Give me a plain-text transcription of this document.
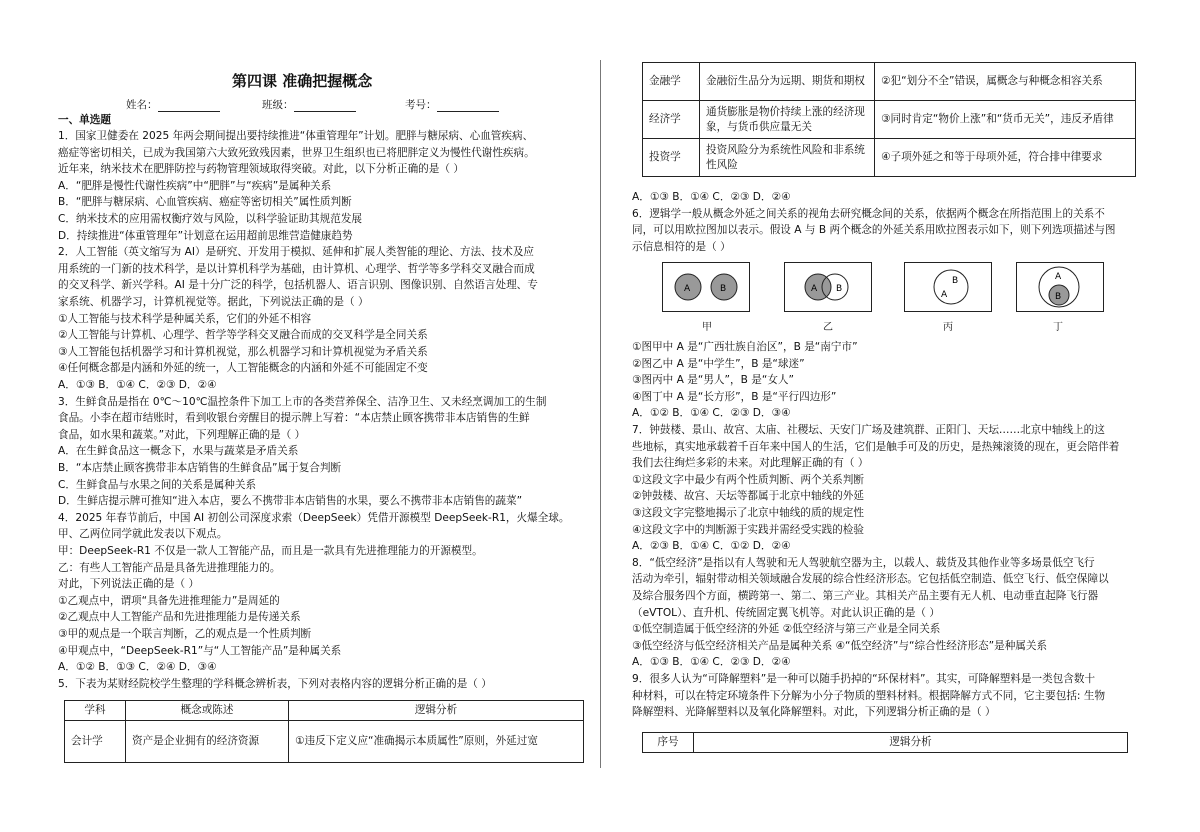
第四课 准确把握概念
姓名：	班级：	考号：
一、单选题
1．国家卫健委在 2025 年两会期间提出要持续推进“体重管理年”计划。肥胖与糖尿病、心血管疾病、
癌症等密切相关，已成为我国第六大致死致残因素，世界卫生组织也已将肥胖定义为慢性代谢性疾病。
近年来，纳米技术在肥胖防控与药物管理领域取得突破。对此，以下分析正确的是（ ）
A．“肥胖是慢性代谢性疾病”中“肥胖”与“疾病”是属种关系
B．“肥胖与糖尿病、心血管疾病、癌症等密切相关”属性质判断
C．纳米技术的应用需权衡疗效与风险，以科学验证助其规范发展
D．持续推进“体重管理年”计划意在运用超前思维营造健康趋势
2．人工智能（英文缩写为 AI）是研究、开发用于模拟、延伸和扩展人类智能的理论、方法、技术及应
用系统的一门新的技术科学，是以计算机科学为基础，由计算机、心理学、哲学等多学科交叉融合而成
的交叉科学、新兴学科。AI 是十分广泛的科学，包括机器人、语言识别、图像识别、自然语言处理、专
家系统、机器学习，计算机视觉等。据此，下列说法正确的是（ ）
①人工智能与技术科学是种属关系，它们的外延不相容
②人工智能与计算机、心理学、哲学等学科交叉融合而成的交叉科学是全同关系
③人工智能包括机器学习和计算机视觉，那么机器学习和计算机视觉为矛盾关系
④任何概念都是内涵和外延的统一，人工智能概念的内涵和外延不可能固定不变
A．①③ B．①④ C．②③ D．②④
3．生鲜食品是指在 0℃～10℃温控条件下加工上市的各类营养保全、洁净卫生、又未经烹调加工的生制
食品。小李在超市结账时，看到收银台旁醒目的提示牌上写着：“本店禁止顾客携带非本店销售的生鲜
食品，如水果和蔬菜。”对此，下列理解正确的是（ ）
A．在生鲜食品这一概念下，水果与蔬菜是矛盾关系
B．“本店禁止顾客携带非本店销售的生鲜食品”属于复合判断
C．生鲜食品与水果之间的关系是属种关系
D．生鲜店提示牌可推知“进入本店，要么不携带非本店销售的水果，要么不携带非本店销售的蔬菜”
4．2025 年春节前后，中国 AI 初创公司深度求索（DeepSeek）凭借开源模型 DeepSeek-R1，火爆全球。
甲、乙两位同学就此发表以下观点。
甲：DeepSeek-R1 不仅是一款人工智能产品，而且是一款具有先进推理能力的开源模型。
乙：有些人工智能产品是具备先进推理能力的。
对此，下列说法正确的是（ ）
①乙观点中，谓项“具备先进推理能力”是周延的
②乙观点中人工智能产品和先进推理能力是传递关系
③甲的观点是一个联言判断，乙的观点是一个性质判断
④甲观点中，“DeepSeek-R1”与“人工智能产品”是种属关系
A．①② B．①③ C．②④ D．③④
5．下表为某财经院校学生整理的学科概念辨析表，下列对表格内容的逻辑分析正确的是（ ）
学科	概念或陈述	逻辑分析
会计学	资产是企业拥有的经济资源	①违反下定义应“准确揭示本质属性”原则，外延过宽
金融学	金融衍生品分为远期、期货和期权	②犯“划分不全”错误，属概念与种概念相容关系
经济学	通货膨胀是物价持续上涨的经济现象，与货币供应量无关	③同时肯定“物价上涨”和“货币无关”，违反矛盾律
投资学	投资风险分为系统性风险和非系统性风险	④子项外延之和等于母项外延，符合排中律要求
A．①③ B．①④ C．②③ D．②④
6．逻辑学一般从概念外延之间关系的视角去研究概念间的关系，依据两个概念在所指范围上的关系不
同，可以用欧拉图加以表示。假设 A 与 B 两个概念的外延关系用欧拉图表示如下，则下列选项描述与图
示信息相符的是（ ）
A	B	A B
A
B	A
B
甲	乙	丙	丁
①图甲中 A 是“广西壮族自治区”，B 是“南宁市”
②图乙中 A 是“中学生”，B 是“球迷”
③图丙中 A 是“男人”，B 是“女人”
④图丁中 A 是“长方形”，B 是“平行四边形”
A．①② B．①④ C．②③ D．③④
7．钟鼓楼、景山、故宫、太庙、社稷坛、天安门广场及建筑群、正阳门、天坛……北京中轴线上的这
些地标，真实地承载着千百年来中国人的生活，它们是触手可及的历史，是热辣滚烫的现在，更会陪伴着
我们去往绚烂多彩的未来。对此理解正确的有（ ）
①这段文字中最少有两个性质判断、两个关系判断
②钟鼓楼、故宫、天坛等都属于北京中轴线的外延
③这段文字完整地揭示了北京中轴线的质的规定性
④这段文字中的判断源于实践并需经受实践的检验
A．②③ B．①④ C．①② D．②④
8．“低空经济”是指以有人驾驶和无人驾驶航空器为主，以载人、载货及其他作业等多场景低空飞行
活动为牵引，辐射带动相关领域融合发展的综合性经济形态。它包括低空制造、低空飞行、低空保障以
及综合服务四个方面，横跨第一、第二、第三产业。其相关产品主要有无人机、电动垂直起降飞行器
（eVTOL）、直升机、传统固定翼飞机等。对此认识正确的是（ ）
①低空制造属于低空经济的外延 ②低空经济与第三产业是全同关系
③低空经济与低空经济相关产品是属种关系 ④“低空经济”与“综合性经济形态”是种属关系
A．①③ B．①④ C．②③ D．②④
9．很多人认为“可降解塑料”是一种可以随手扔掉的“环保材料”。其实，可降解塑料是一类包含数十
种材料，可以在特定环境条件下分解为小分子物质的塑料材料。根据降解方式不同，它主要包括: 生物
降解塑料、光降解塑料以及氧化降解塑料。对此，下列逻辑分析正确的是（ ）
序号	逻辑分析
